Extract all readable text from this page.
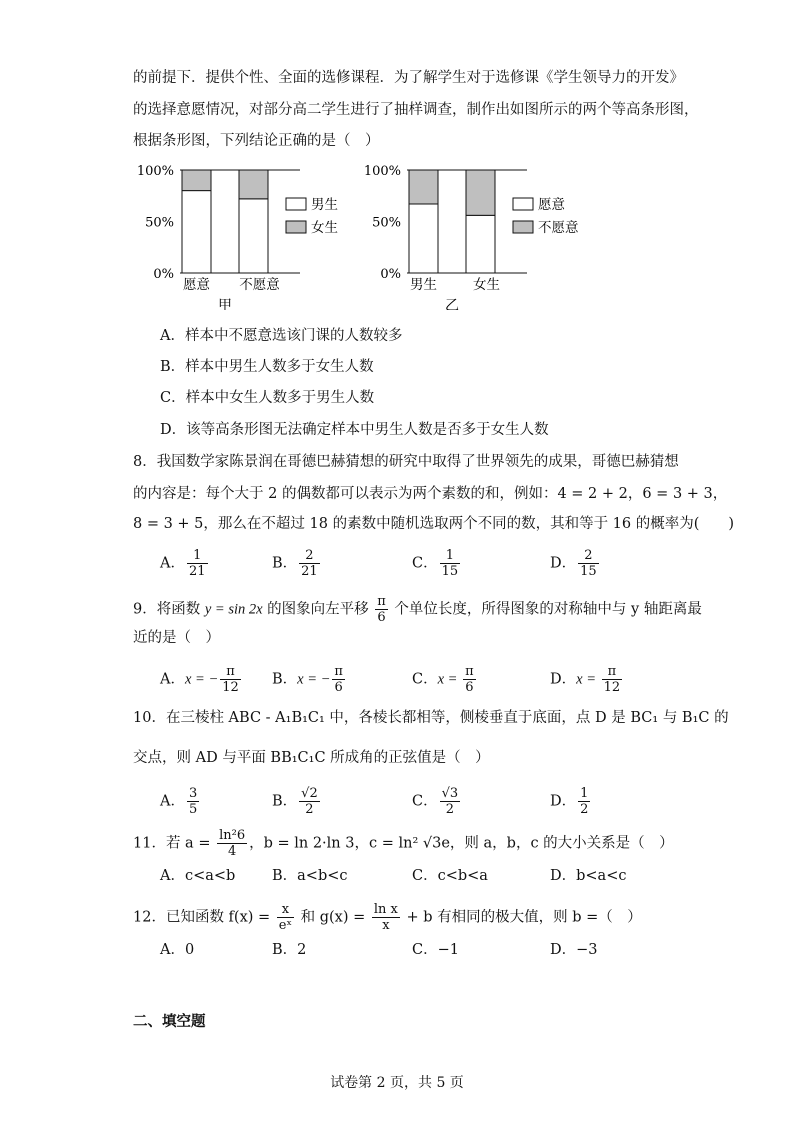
的前提下．提供个性、全面的选修课程．为了解学生对于选修课《学生领导力的开发》
的选择意愿情况，对部分高二学生进行了抽样调查，制作出如图所示的两个等高条形图，
根据条形图，下列结论正确的是（　）
100%
50%
0%
愿意 不愿意
甲
男生
女生
100%
50%
0%
男生	女生
乙
愿意
不愿意
A．样本中不愿意选该门课的人数较多
B．样本中男生人数多于女生人数
C．样本中女生人数多于男生人数
D．该等高条形图无法确定样本中男生人数是否多于女生人数
8．我国数学家陈景润在哥德巴赫猜想的研究中取得了世界领先的成果，哥德巴赫猜想
的内容是：每个大于 2 的偶数都可以表示为两个素数的和，例如：4 = 2 + 2，6 = 3 + 3，
8 = 3 + 5，那么在不超过 18 的素数中随机选取两个不同的数，其和等于 16 的概率为(　　)
A． $\frac{1}{21}$	B． $\frac{2}{21}$	C． $\frac{1}{15}$	D． $\frac{2}{15}$
9．将函数 y = sin 2x 的图象向左平移 $\frac{\pi}{6}$ 个单位长度，所得图象的对称轴中与 y 轴距离最
近的是（　）
A．x = − $\frac{\pi}{12}$ B．x = − $\frac{\pi}{6}$	C．$x = \frac{\pi}{6}$	D．$x = \frac{\pi}{12}$
10．在三棱柱 ABC - A₁B₁C₁ 中，各棱长都相等，侧棱垂直于底面，点 D 是 BC₁ 与 B₁C 的
交点，则 AD 与平面 BB₁C₁C 所成角的正弦值是（　）
A． $\frac{3}{5}$	B． $\frac{√2}{2}$	C． $\frac{√3}{2}$	D． $\frac{1}{2}$
11．若 $a = \frac{\text{ln²6}}{4}$ ，b = ln 2·ln 3，c = ln² √3e，则 a，b，c 的大小关系是（　）
A．c<a<b	B．a<b<c	C．c<b<a	D．b<a<c
12．已知函数 $f(x) = \frac{x}{\text{eˣ}}$ 和 $g(x) = \frac{\text{ln x}}{x} + b$ 有相同的极大值，则 b =（　）
A．0	B．2	C．−1	D．−3
二、填空题
试卷第 2 页，共 5 页
